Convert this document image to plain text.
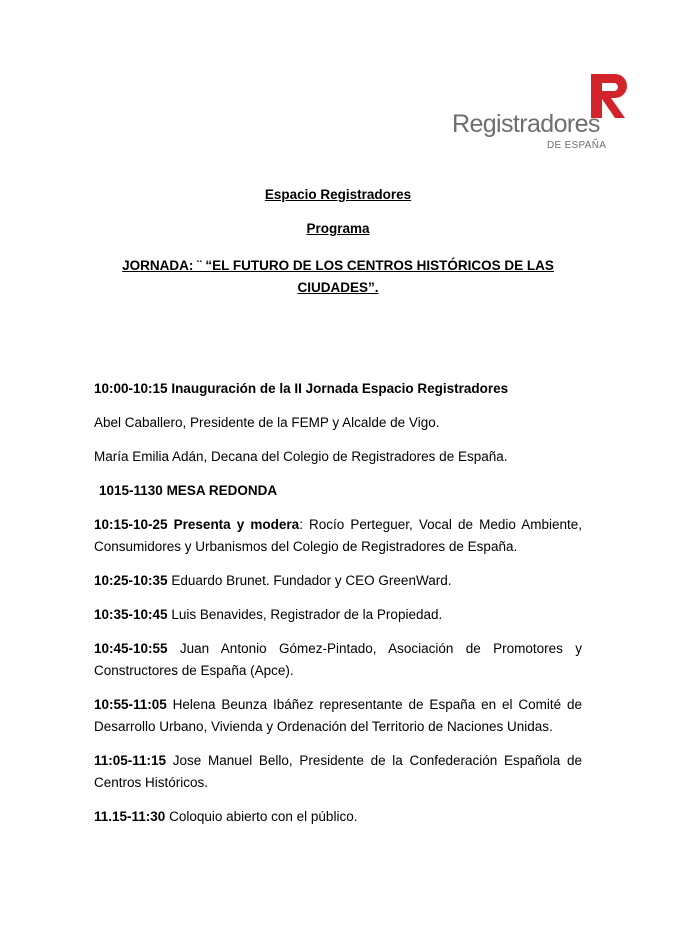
Registradores
DE ESPAÑA
Espacio Registradores
Programa
JORNADA: ¨ “EL FUTURO DE LOS CENTROS HISTÓRICOS DE LAS
CIUDADES”.

10:00-10:15 Inauguración de la II Jornada Espacio Registradores

Abel Caballero, Presidente de la FEMP y Alcalde de Vigo.

María Emilia Adán, Decana del Colegio de Registradores de España.

1015-1130 MESA REDONDA

10:15-10-25 Presenta y modera: Rocío Perteguer, Vocal de Medio Ambiente, Consumidores y Urbanismos del Colegio de Registradores de España.

10:25-10:35 Eduardo Brunet. Fundador y CEO GreenWard.

10:35-10:45 Luis Benavides, Registrador de la Propiedad.

10:45-10:55 Juan Antonio Gómez-Pintado, Asociación de Promotores y Constructores de España (Apce).

10:55-11:05 Helena Beunza Ibáñez representante de España en el Comité de Desarrollo Urbano, Vivienda y Ordenación del Territorio de Naciones Unidas.

11:05-11:15 Jose Manuel Bello, Presidente de la Confederación Española de Centros Históricos.

11.15-11:30 Coloquio abierto con el público.
